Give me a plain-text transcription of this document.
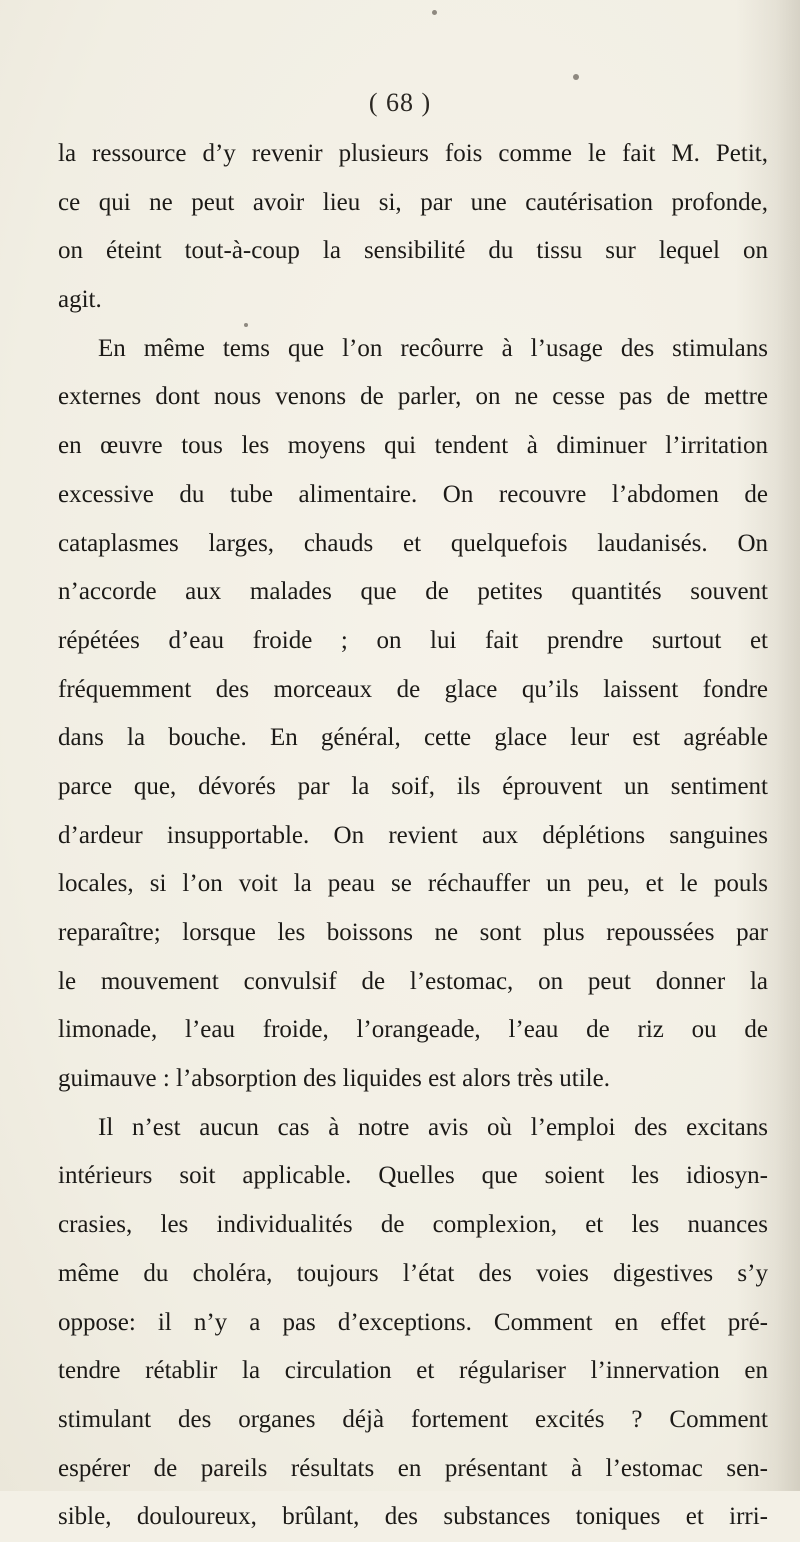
( 68 )
la ressource d’y revenir plusieurs fois comme le fait M. Petit,
ce qui ne peut avoir lieu si, par une cautérisation profonde,
on éteint tout-à-coup la sensibilité du tissu sur lequel on
agit.
En même tems que l’on recôurre à l’usage des stimulans
externes dont nous venons de parler, on ne cesse pas de mettre
en œuvre tous les moyens qui tendent à diminuer l’irritation
excessive du tube alimentaire. On recouvre l’abdomen de
cataplasmes larges, chauds et quelquefois laudanisés. On
n’accorde aux malades que de petites quantités souvent
répétées d’eau froide ; on lui fait prendre surtout et
fréquemment des morceaux de glace qu’ils laissent fondre
dans la bouche. En général, cette glace leur est agréable
parce que, dévorés par la soif, ils éprouvent un sentiment
d’ardeur insupportable. On revient aux déplétions sanguines
locales, si l’on voit la peau se réchauffer un peu, et le pouls
reparaître; lorsque les boissons ne sont plus repoussées par
le mouvement convulsif de l’estomac, on peut donner la
limonade, l’eau froide, l’orangeade, l’eau de riz ou de
guimauve : l’absorption des liquides est alors très utile.
Il n’est aucun cas à notre avis où l’emploi des excitans
intérieurs soit applicable. Quelles que soient les idiosyn-
crasies, les individualités de complexion, et les nuances
même du choléra, toujours l’état des voies digestives s’y
oppose: il n’y a pas d’exceptions. Comment en effet pré-
tendre rétablir la circulation et régulariser l’innervation en
stimulant des organes déjà fortement excités ? Comment
espérer de pareils résultats en présentant à l’estomac sen-
sible, douloureux, brûlant, des substances toniques et irri-
